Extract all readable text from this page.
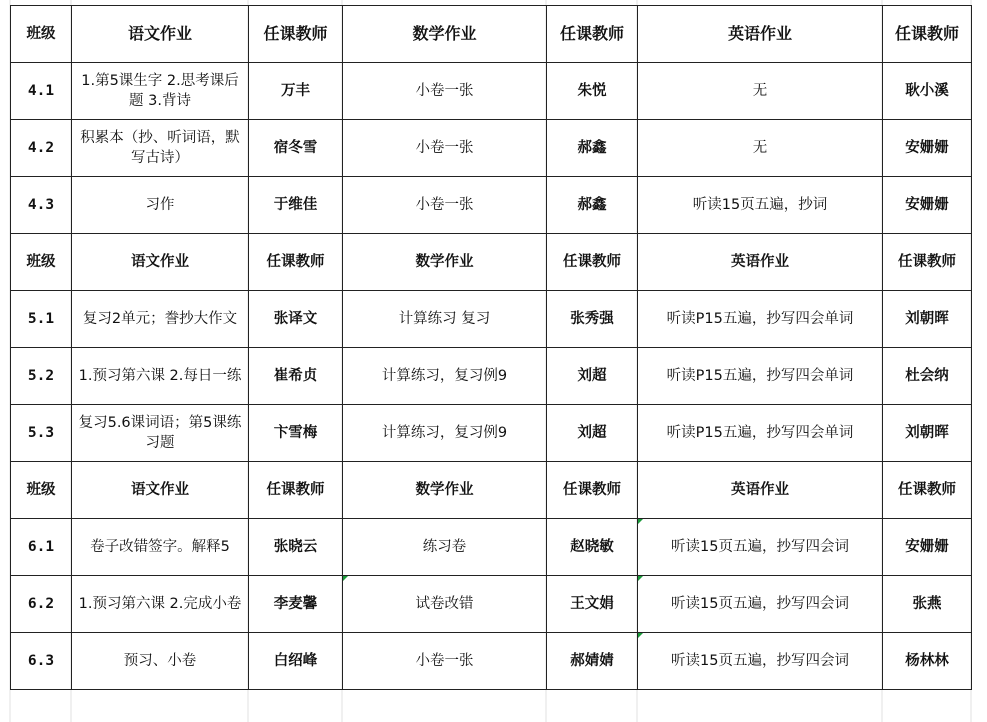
班级	语文作业	任课教师	数学作业	任课教师	英语作业	任课教师
4.1	1.第5课生字 2.思考课后题 3.背诗	万丰	小卷一张	朱悦	无	耿小溪
4.2	积累本（抄、听词语，默写古诗）	宿冬雪	小卷一张	郝鑫	无	安姗姗
4.3	习作	于维佳	小卷一张	郝鑫	听读15页五遍，抄词	安姗姗
班级	语文作业	任课教师	数学作业	任课教师	英语作业	任课教师
5.1	复习2单元；誊抄大作文	张译文	计算练习 复习	张秀强	听读P15五遍，抄写四会单词	刘朝晖
5.2	1.预习第六课 2.每日一练	崔希贞	计算练习，复习例9	刘超	听读P15五遍，抄写四会单词	杜会纳
5.3	复习5.6课词语；第5课练习题	卞雪梅	计算练习，复习例9	刘超	听读P15五遍，抄写四会单词	刘朝晖
班级	语文作业	任课教师	数学作业	任课教师	英语作业	任课教师
6.1	卷子改错签字。解释5	张晓云	练习卷	赵晓敏	听读15页五遍，抄写四会词	安姗姗
6.2	1.预习第六课 2.完成小卷	李麦馨	试卷改错	王文娟	听读15页五遍，抄写四会词	张燕
6.3	预习、小卷	白绍峰	小卷一张	郝婧婧	听读15页五遍，抄写四会词	杨林林
